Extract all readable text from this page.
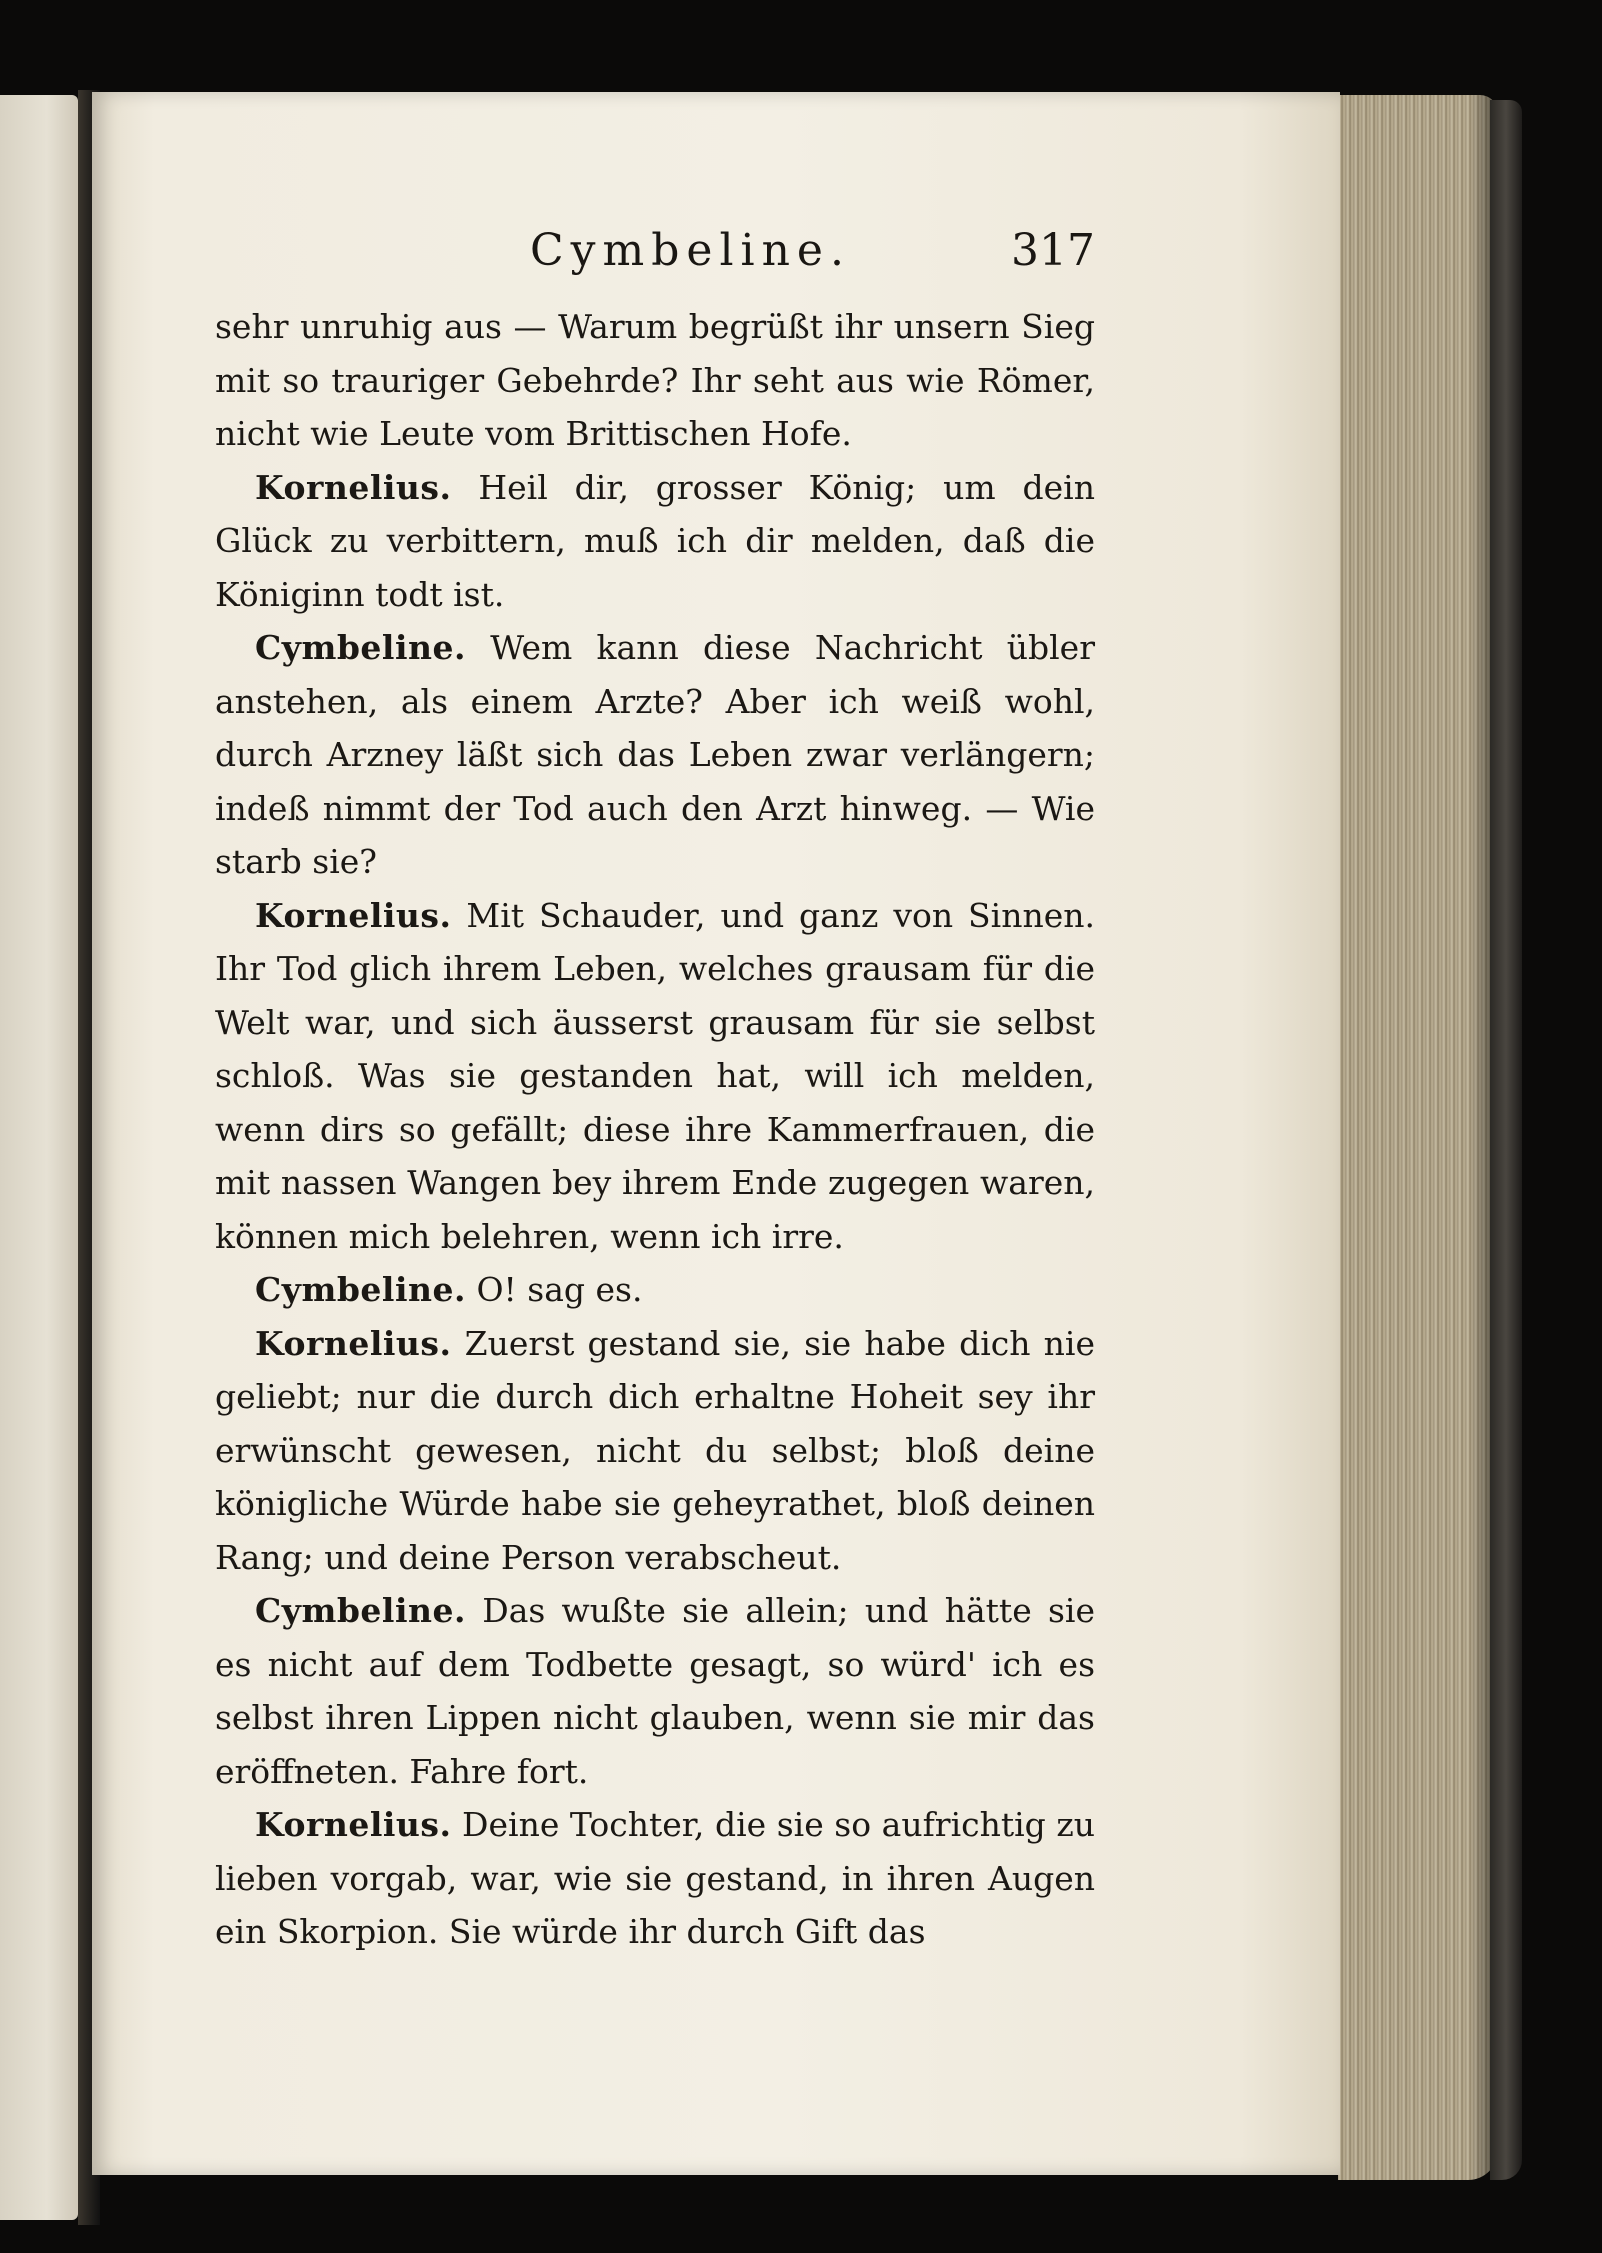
Cymbeline.	317

sehr unruhig aus — Warum begrüßt ihr unsern Sieg mit so trauriger Gebehrde? Ihr seht aus wie Römer, nicht wie Leute vom Brittischen Hofe.

Kornelius. Heil dir, grosser König; um dein Glück zu verbittern, muß ich dir melden, daß die Königinn todt ist.

Cymbeline. Wem kann diese Nachricht übler anstehen, als einem Arzte? Aber ich weiß wohl, durch Arzney läßt sich das Leben zwar verlängern; indeß nimmt der Tod auch den Arzt hinweg. — Wie starb sie?

Kornelius. Mit Schauder, und ganz von Sinnen. Ihr Tod glich ihrem Leben, welches grausam für die Welt war, und sich äusserst grausam für sie selbst schloß. Was sie gestanden hat, will ich melden, wenn dirs so gefällt; diese ihre Kammerfrauen, die mit nassen Wangen bey ihrem Ende zugegen waren, können mich belehren, wenn ich irre.

Cymbeline. O! sag es.

Kornelius. Zuerst gestand sie, sie habe dich nie geliebt; nur die durch dich erhaltne Hoheit sey ihr erwünscht gewesen, nicht du selbst; bloß deine königliche Würde habe sie geheyrathet, bloß deinen Rang; und deine Person verabscheut.

Cymbeline. Das wußte sie allein; und hätte sie es nicht auf dem Todbette gesagt, so würd' ich es selbst ihren Lippen nicht glauben, wenn sie mir das eröffneten. Fahre fort.

Kornelius. Deine Tochter, die sie so aufrichtig zu lieben vorgab, war, wie sie gestand, in ihren Augen ein Skorpion. Sie würde ihr durch Gift das
